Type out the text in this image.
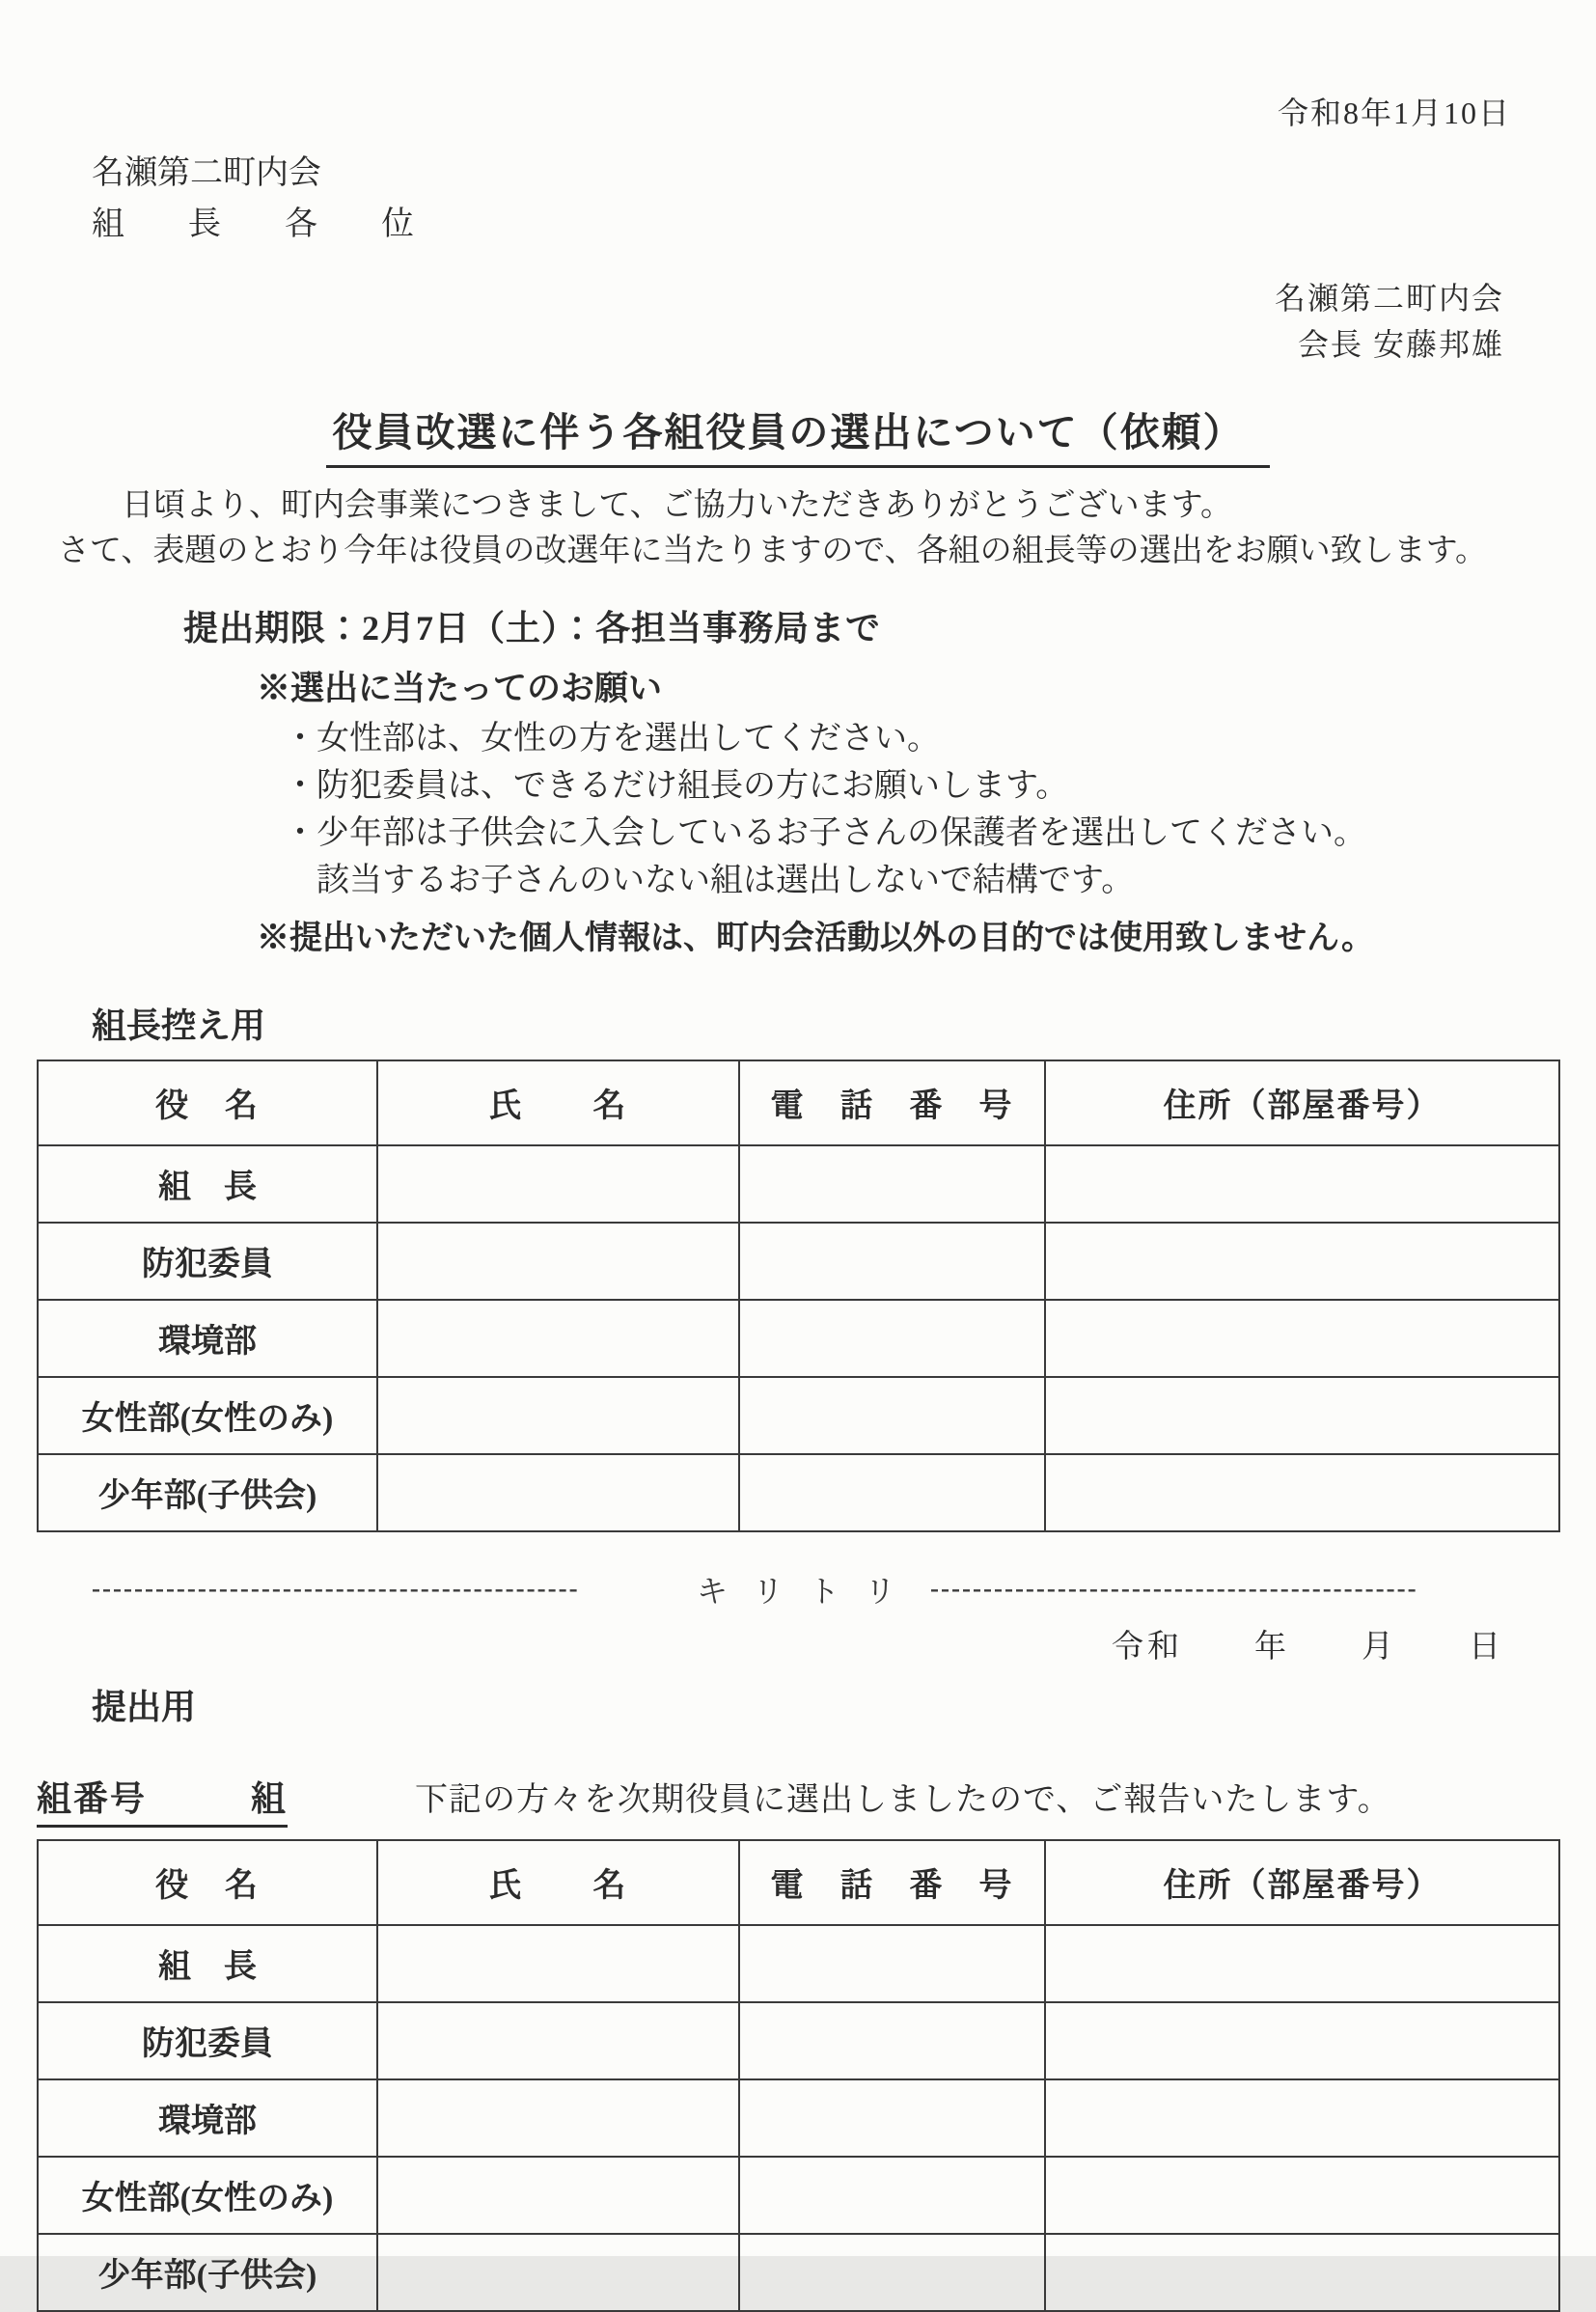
令和8年1月10日
名瀬第二町内会
組　長　各　位
名瀬第二町内会
会長 安藤邦雄
役員改選に伴う各組役員の選出について（依頼）
日頃より、町内会事業につきまして、ご協力いただきありがとうございます。
さて、表題のとおり今年は役員の改選年に当たりますので、各組の組長等の選出をお願い致します。
提出期限：2月7日（土）：各担当事務局まで
※選出に当たってのお願い
・女性部は、女性の方を選出してください。
・防犯委員は、できるだけ組長の方にお願いします。
・少年部は子供会に入会しているお子さんの保護者を選出してください。
　該当するお子さんのいない組は選出しないで結構です。
※提出いただいた個人情報は、町内会活動以外の目的では使用致しません。
組長控え用
役　名	氏　　名	電　話　番　号	住所（部屋番号）
組　長			
防犯委員			
環境部			
女性部(女性のみ)			
少年部(子供会)			
----------------------------------------------	キリトリ ----------------------------------------------
令和　　年　　月　　日
提出用
組番号	組	下記の方々を次期役員に選出しましたので、ご報告いたします。
役　名	氏　　名	電　話　番　号	住所（部屋番号）
組　長			
防犯委員			
環境部			
女性部(女性のみ)			
少年部(子供会)			
